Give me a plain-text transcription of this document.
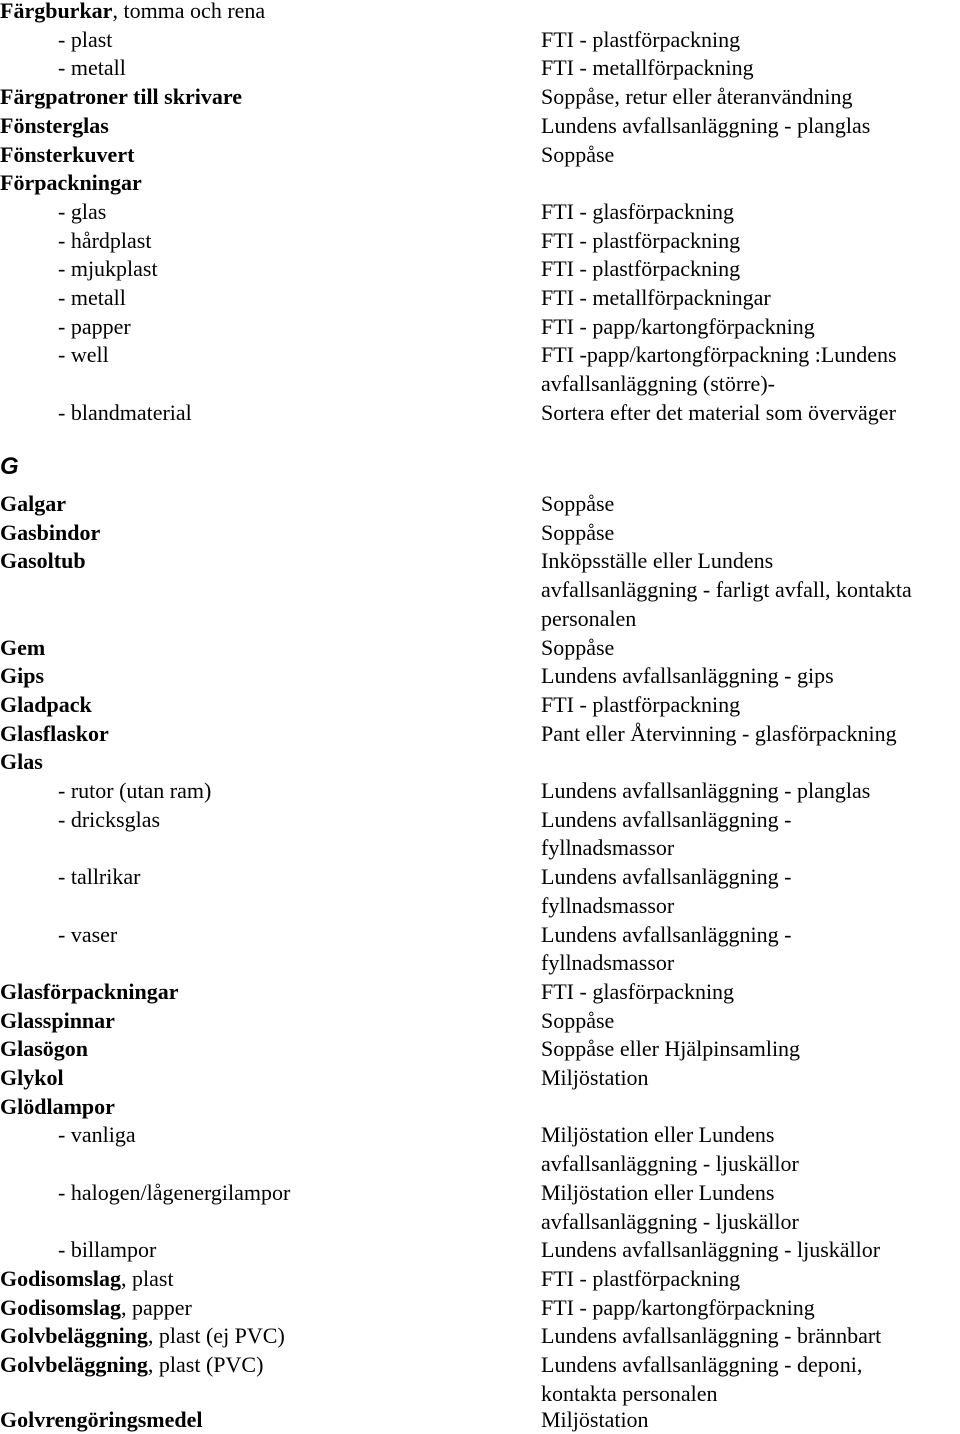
Färgburkar, tomma och rena
- plast	FTI - plastförpackning
- metall	FTI - metallförpackning
Färgpatroner till skrivare	Soppåse, retur eller återanvändning
Fönsterglas	Lundens avfallsanläggning - planglas
Fönsterkuvert	Soppåse
Förpackningar
- glas	FTI - glasförpackning
- hårdplast	FTI - plastförpackning
- mjukplast	FTI - plastförpackning
- metall	FTI - metallförpackningar
- papper	FTI - papp/kartongförpackning
- well	FTI -papp/kartongförpackning :Lundens
avfallsanläggning (större)-
- blandmaterial	Sortera efter det material som överväger
G
Galgar	Soppåse
Gasbindor	Soppåse
Gasoltub	Inköpsställe eller Lundens
avfallsanläggning - farligt avfall, kontakta
personalen
Gem	Soppåse
Gips	Lundens avfallsanläggning - gips
Gladpack	FTI - plastförpackning
Glasflaskor	Pant eller Återvinning - glasförpackning
Glas
- rutor (utan ram)	Lundens avfallsanläggning - planglas
- dricksglas	Lundens avfallsanläggning -
fyllnadsmassor
- tallrikar	Lundens avfallsanläggning -
fyllnadsmassor
- vaser	Lundens avfallsanläggning -
fyllnadsmassor
Glasförpackningar	FTI - glasförpackning
Glasspinnar	Soppåse
Glasögon	Soppåse eller Hjälpinsamling
Glykol	Miljöstation
Glödlampor
- vanliga	Miljöstation eller Lundens
avfallsanläggning - ljuskällor
- halogen/lågenergilampor	Miljöstation eller Lundens
avfallsanläggning - ljuskällor
- billampor	Lundens avfallsanläggning - ljuskällor
Godisomslag, plast	FTI - plastförpackning
Godisomslag, papper	FTI - papp/kartongförpackning
Golvbeläggning, plast (ej PVC)	Lundens avfallsanläggning - brännbart
Golvbeläggning, plast (PVC)	Lundens avfallsanläggning - deponi,
kontakta personalen
Golvrengöringsmedel	Miljöstation
